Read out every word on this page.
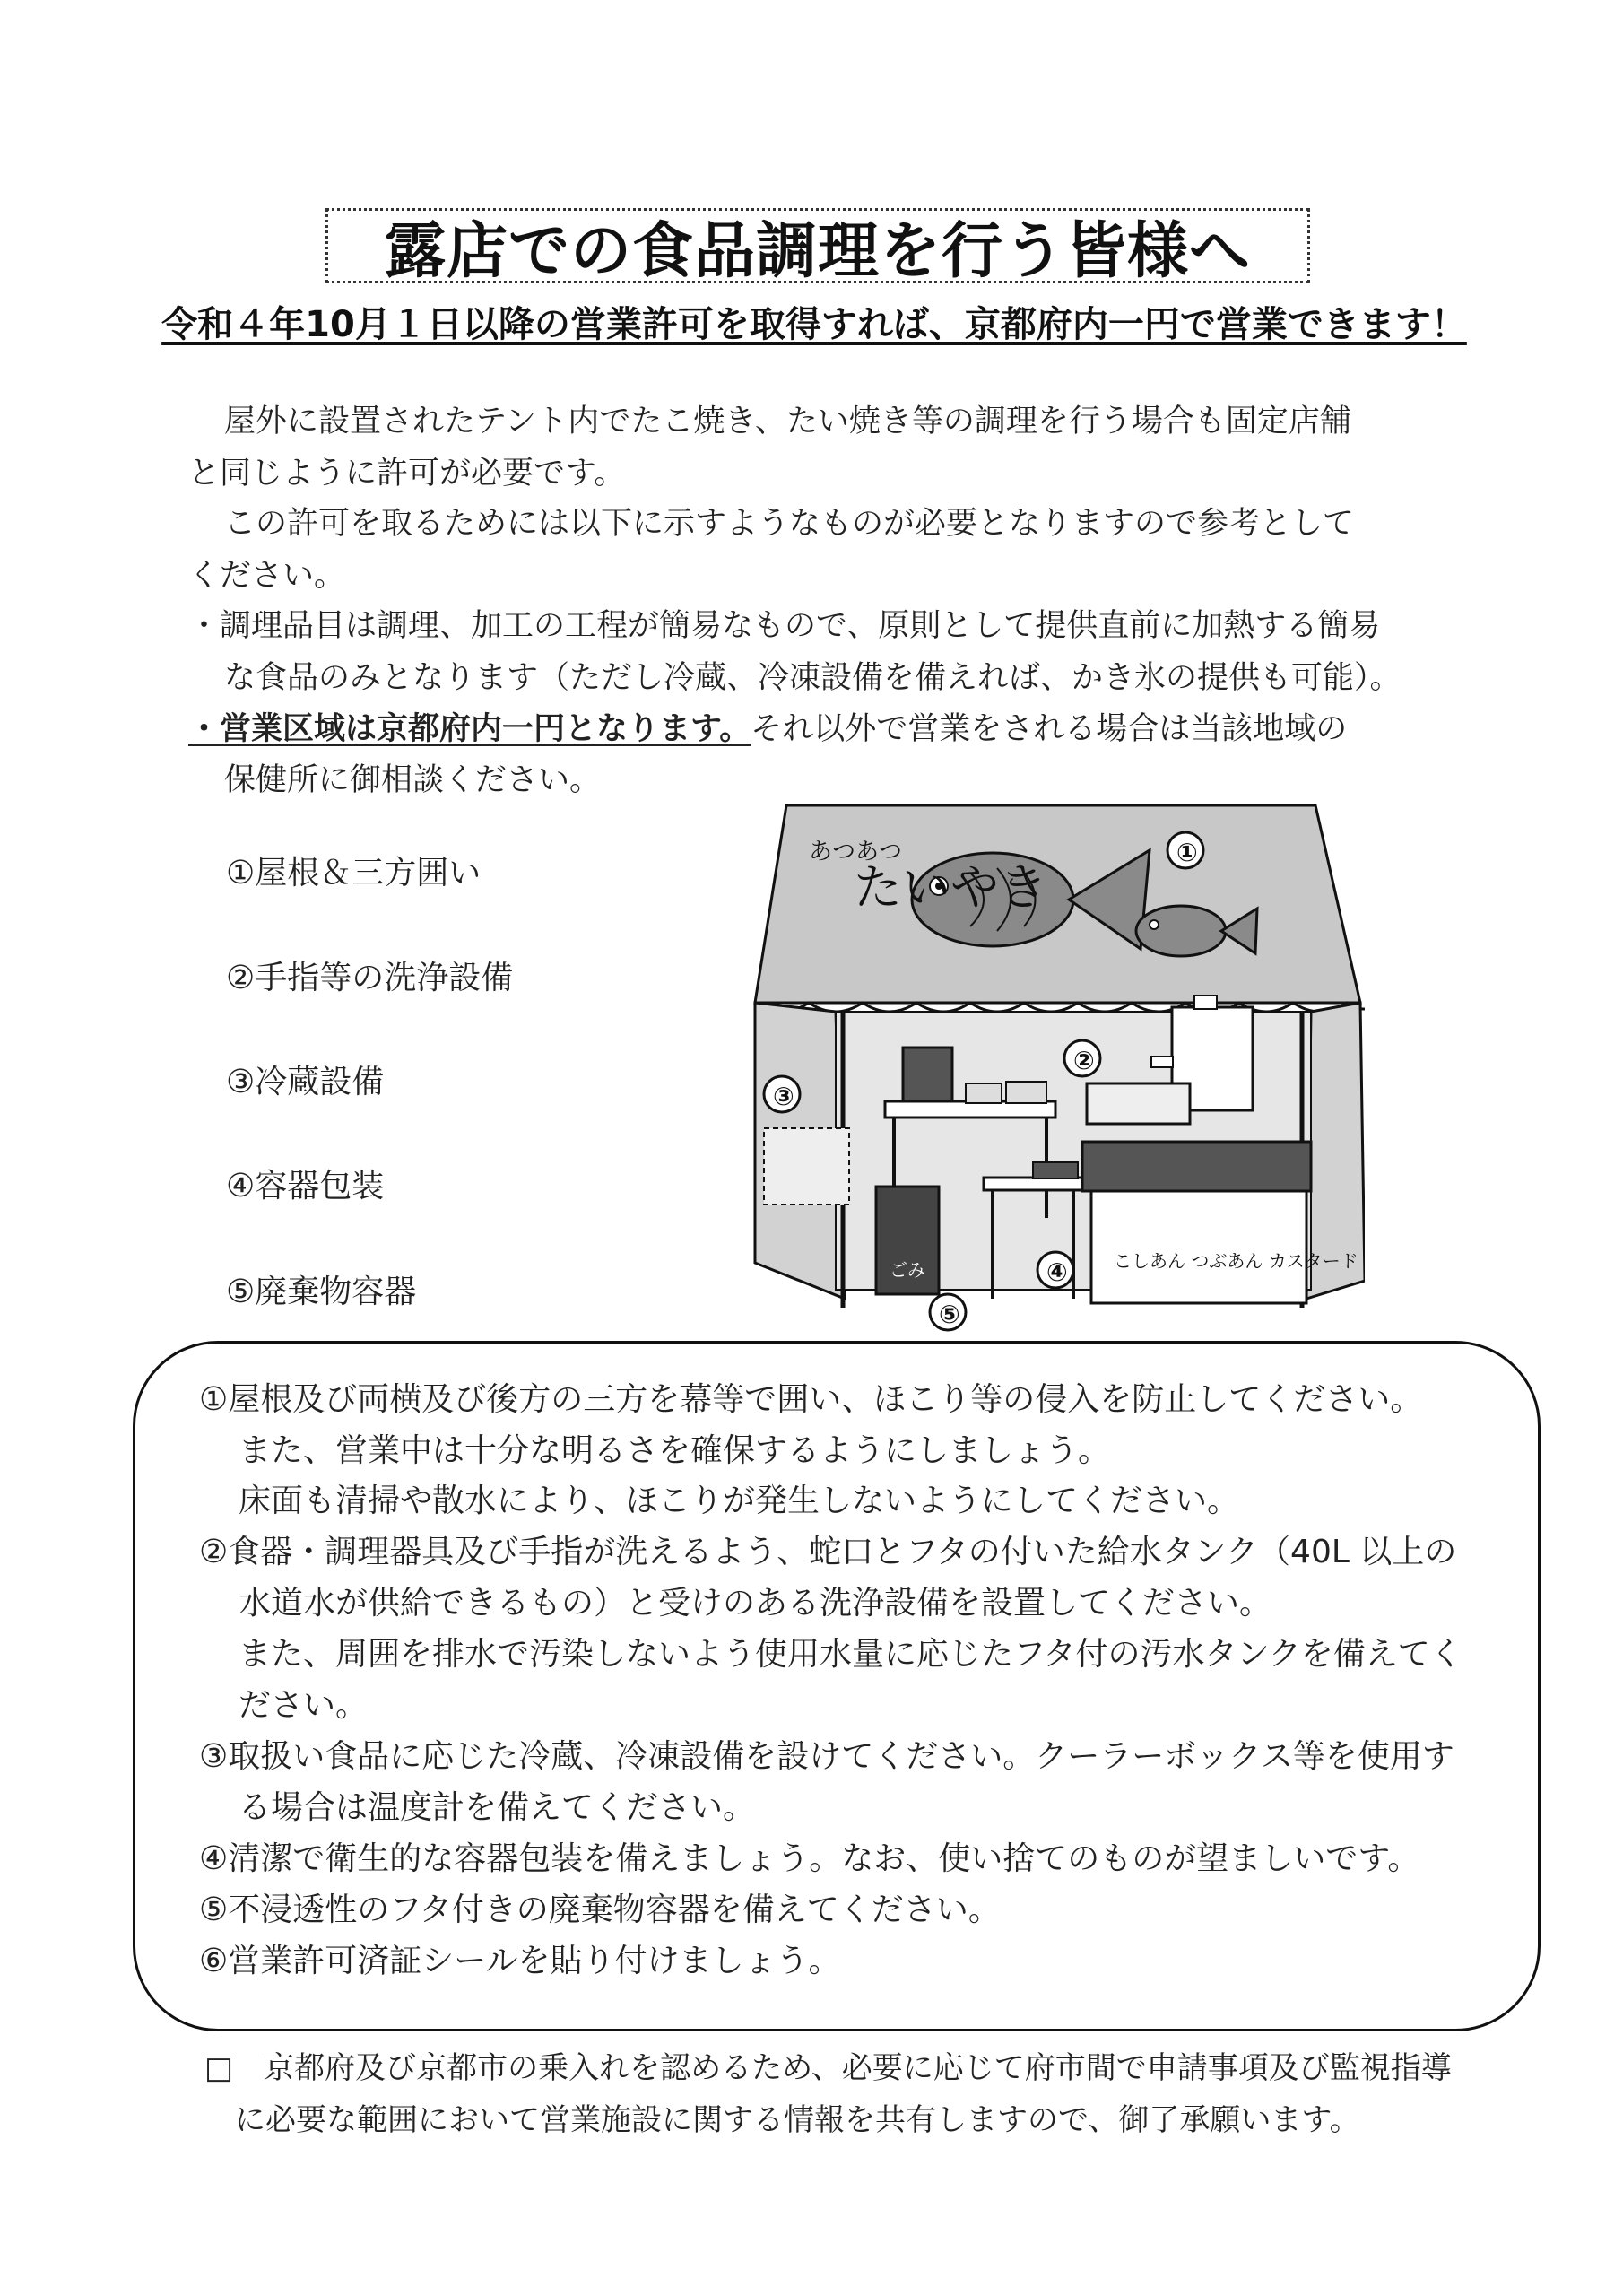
露店での食品調理を行う皆様へ
令和４年10月１日以降の営業許可を取得すれば、京都府内一円で営業できます！
屋外に設置されたテント内でたこ焼き、たい焼き等の調理を行う場合も固定店舗
と同じように許可が必要です。
この許可を取るためには以下に示すようなものが必要となりますので参考として
ください。
・調理品目は調理、加工の工程が簡易なもので、原則として提供直前に加熱する簡易
な食品のみとなります（ただし冷蔵、冷凍設備を備えれば、かき氷の提供も可能）。
・営業区域は京都府内一円となります。それ以外で営業をされる場合は当該地域の
保健所に御相談ください。
①屋根＆三方囲い
②手指等の洗浄設備
③冷蔵設備
④容器包装
⑤廃棄物容器
あつあつ
たいやき
①
②
③
こしあん つぶあん カスタード
④
ごみ
⑤
①屋根及び両横及び後方の三方を幕等で囲い、ほこり等の侵入を防止してください。
また、営業中は十分な明るさを確保するようにしましょう。
床面も清掃や散水により、ほこりが発生しないようにしてください。
②食器・調理器具及び手指が洗えるよう、蛇口とフタの付いた給水タンク（40L 以上の
水道水が供給できるもの）と受けのある洗浄設備を設置してください。
また、周囲を排水で汚染しないよう使用水量に応じたフタ付の汚水タンクを備えてく
ださい。
③取扱い食品に応じた冷蔵、冷凍設備を設けてください。クーラーボックス等を使用す
る場合は温度計を備えてください。
④清潔で衛生的な容器包装を備えましょう。なお、使い捨てのものが望ましいです。
⑤不浸透性のフタ付きの廃棄物容器を備えてください。
⑥営業許可済証シールを貼り付けましょう。
□　京都府及び京都市の乗入れを認めるため、必要に応じて府市間で申請事項及び監視指導
に必要な範囲において営業施設に関する情報を共有しますので、御了承願います。
